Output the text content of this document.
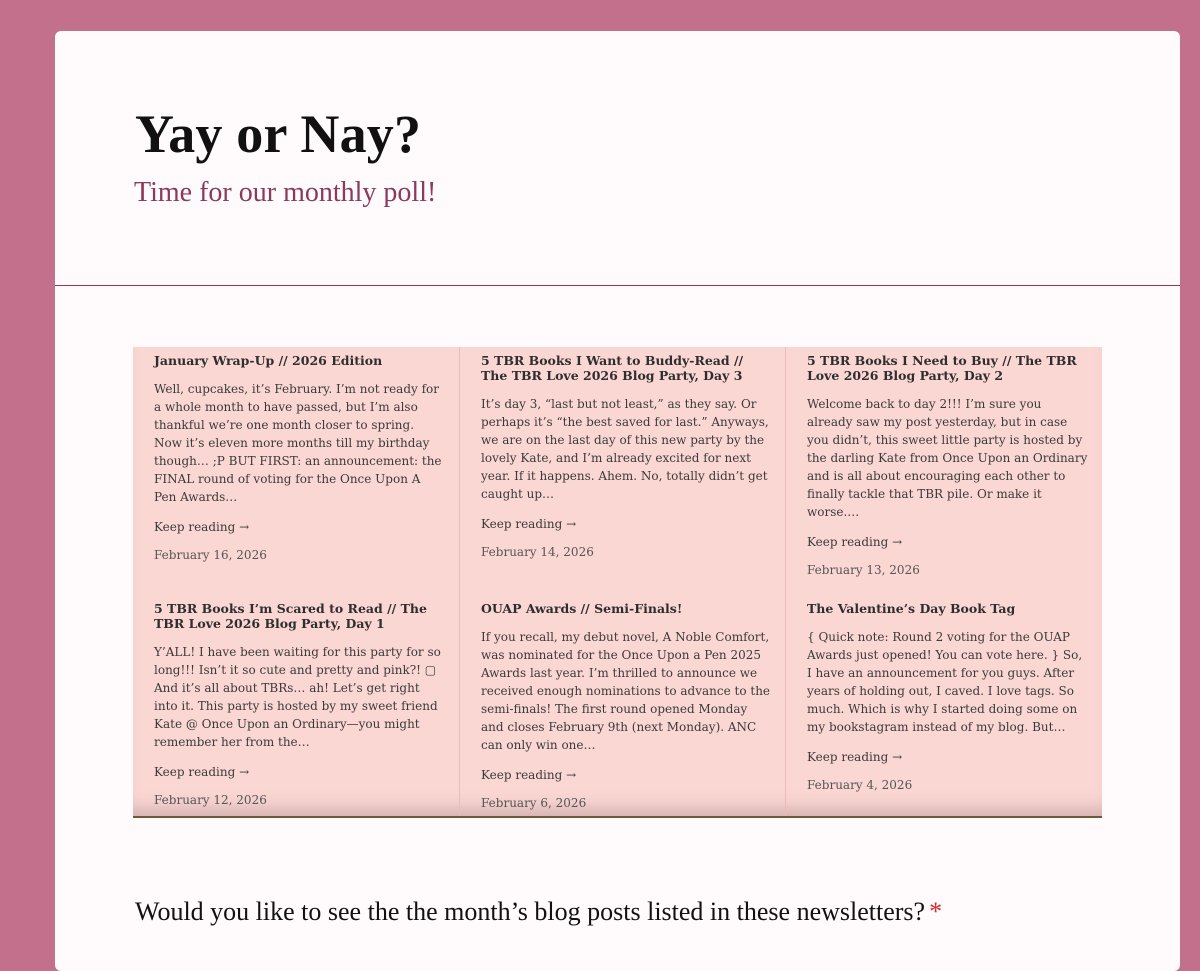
Yay or Nay?

Time for our monthly poll!

January Wrap-Up // 2026 Edition

Well, cupcakes, it’s February. I’m not ready for a whole month to have passed, but I’m also thankful we’re one month closer to spring. Now it’s eleven more months till my birthday though… ;P BUT FIRST: an announcement: the FINAL round of voting for the Once Upon A Pen Awards…

Keep reading →
February 16, 2026
5 TBR Books I Want to Buddy-Read // The TBR Love 2026 Blog Party, Day 3

It’s day 3, “last but not least,” as they say. Or perhaps it’s “the best saved for last.” Anyways, we are on the last day of this new party by the lovely Kate, and I’m already excited for next year. If it happens. Ahem. No, totally didn’t get caught up…

Keep reading →
February 14, 2026
5 TBR Books I Need to Buy // The TBR Love 2026 Blog Party, Day 2

Welcome back to day 2!!! I’m sure you already saw my post yesterday, but in case you didn’t, this sweet little party is hosted by the darling Kate from Once Upon an Ordinary and is all about encouraging each other to finally tackle that TBR pile. Or make it worse.…

Keep reading →
February 13, 2026
5 TBR Books I’m Scared to Read // The TBR Love 2026 Blog Party, Day 1

Y’ALL! I have been waiting for this party for so long!!! Isn’t it so cute and pretty and pink?! ▢ And it’s all about TBRs… ah! Let’s get right into it. This party is hosted by my sweet friend Kate @ Once Upon an Ordinary—you might remember her from the…

Keep reading →
February 12, 2026
OUAP Awards // Semi-Finals!

If you recall, my debut novel, A Noble Comfort, was nominated for the Once Upon a Pen 2025 Awards last year. I’m thrilled to announce we received enough nominations to advance to the semi-finals! The first round opened Monday and closes February 9th (next Monday). ANC can only win one…

Keep reading →
February 6, 2026
The Valentine’s Day Book Tag

{ Quick note: Round 2 voting for the OUAP Awards just opened! You can vote here. } So, I have an announcement for you guys. After years of holding out, I caved. I love tags. So much. Which is why I started doing some on my bookstagram instead of my blog. But…

Keep reading →
February 4, 2026

Would you like to see the the month’s blog posts listed in these newsletters? *
